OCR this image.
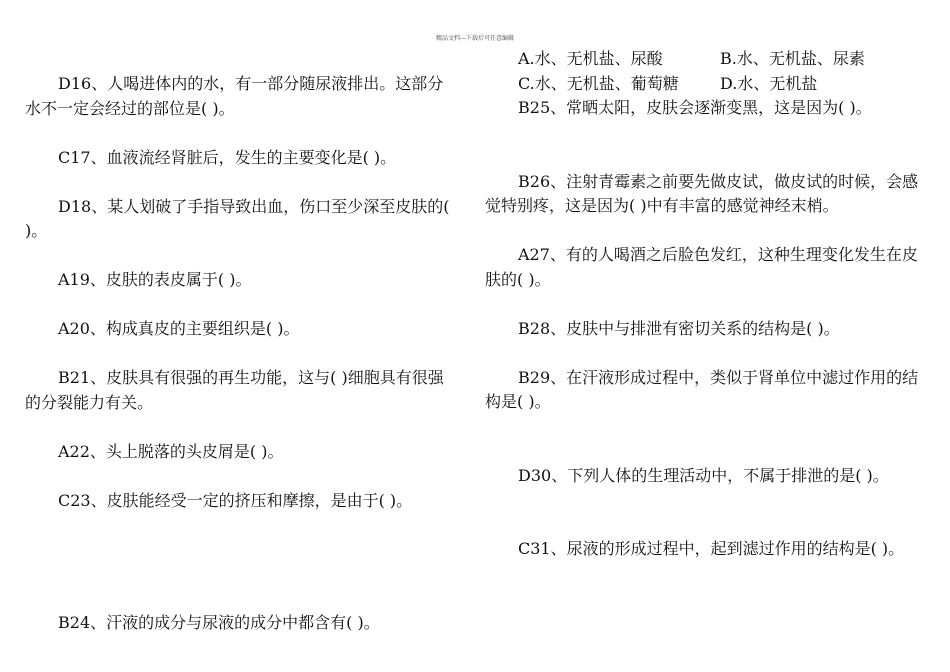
精品文档---下载后可任意编辑

D16、人喝进体内的水，有一部分随尿液排出。这部分水不一定会经过的部位是( )。

C17、血液流经肾脏后，发生的主要变化是( )。

D18、某人划破了手指导致出血，伤口至少深至皮肤的( )。

A19、皮肤的表皮属于( )。

A20、构成真皮的主要组织是( )。

B21、皮肤具有很强的再生功能，这与( )细胞具有很强的分裂能力有关。

A22、头上脱落的头皮屑是( )。

C23、皮肤能经受一定的挤压和摩擦，是由于( )。

B24、汗液的成分与尿液的成分中都含有( )。

A.水、无机盐、尿酸	B.水、无机盐、尿素
C.水、无机盐、葡萄糖	D.水、无机盐

B25、常晒太阳，皮肤会逐渐变黑，这是因为( )。

B26、注射青霉素之前要先做皮试，做皮试的时候，会感觉特别疼，这是因为( )中有丰富的感觉神经末梢。

A27、有的人喝酒之后脸色发红，这种生理变化发生在皮肤的( )。

B28、皮肤中与排泄有密切关系的结构是( )。

B29、在汗液形成过程中，类似于肾单位中滤过作用的结构是( )。

D30、下列人体的生理活动中，不属于排泄的是( )。

C31、尿液的形成过程中，起到滤过作用的结构是( )。
